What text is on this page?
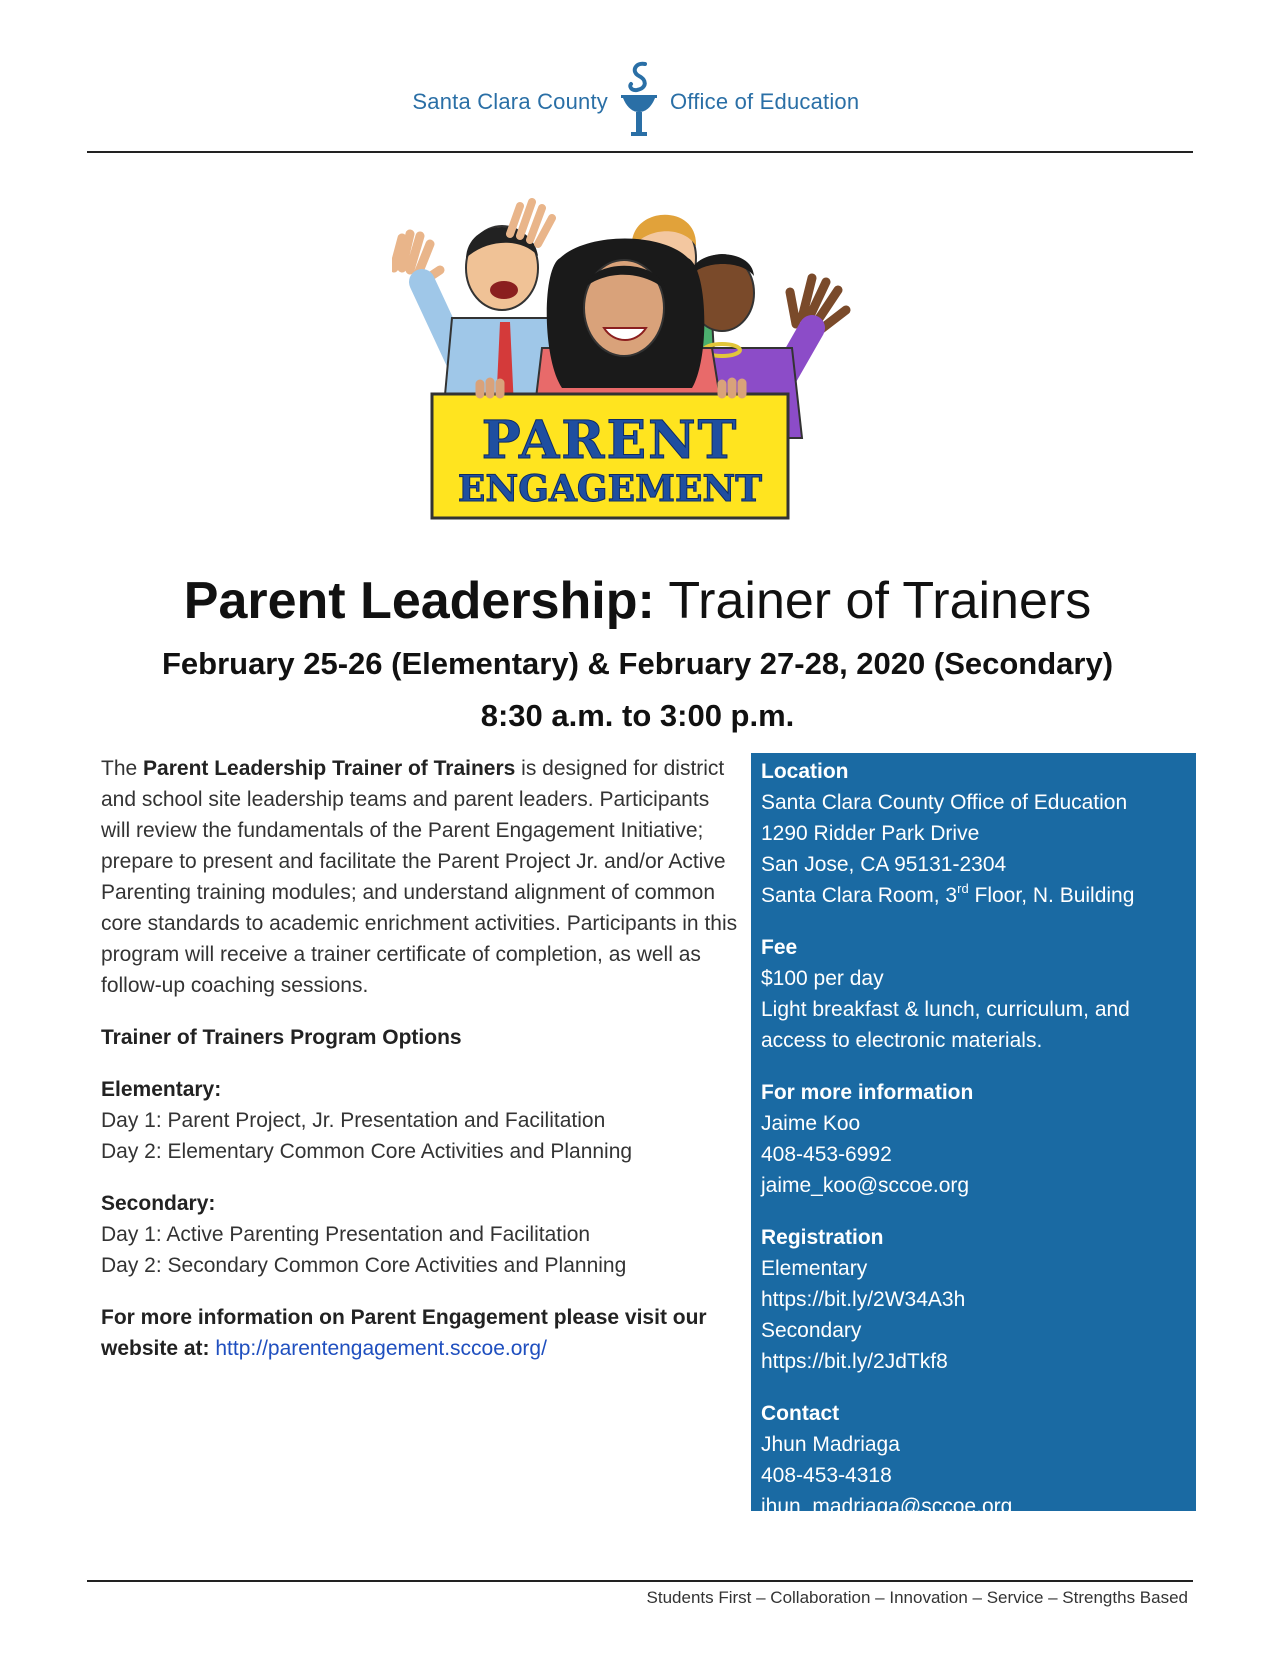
Santa Clara County	Office of Education
PARENT
ENGAGEMENT
Parent Leadership: Trainer of Trainers
February 25-26 (Elementary) & February 27-28, 2020 (Secondary)
8:30 a.m. to 3:00 p.m.

The Parent Leadership Trainer of Trainers is designed for district and school site leadership teams and parent leaders. Participants will review the fundamentals of the Parent Engagement Initiative; prepare to present and facilitate the Parent Project Jr. and/or Active Parenting training modules; and understand alignment of common core standards to academic enrichment activities. Participants in this program will receive a trainer certificate of completion, as well as follow-up coaching sessions.

Trainer of Trainers Program Options

Elementary:

Day 1: Parent Project, Jr. Presentation and Facilitation

Day 2: Elementary Common Core Activities and Planning

Secondary:

Day 1: Active Parenting Presentation and Facilitation

Day 2: Secondary Common Core Activities and Planning

For more information on Parent Engagement please visit our

website at: http://parentengagement.sccoe.org/

Location

Santa Clara County Office of Education

1290 Ridder Park Drive

San Jose, CA 95131-2304

Santa Clara Room, 3rd Floor, N. Building

Fee

$100 per day

Light breakfast & lunch, curriculum, and

access to electronic materials.

For more information

Jaime Koo

408-453-6992

jaime_koo@sccoe.org

Registration

Elementary

https://bit.ly/2W34A3h

Secondary

https://bit.ly/2JdTkf8

Contact

Jhun Madriaga

408-453-4318

jhun_madriaga@sccoe.org

Students First – Collaboration – Innovation – Service – Strengths Based
